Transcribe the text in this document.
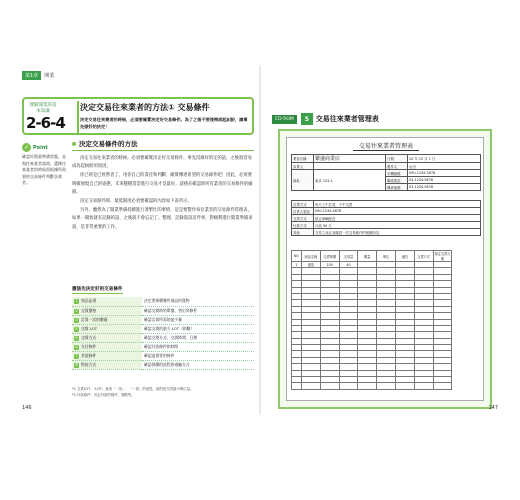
第1章	開業
理解開業的基本知識
2-6-4
決定交易往來業者的方法① 交易條件
決定交易往來業者的時候，必須要確實決定好交易條件。為了之後不要後悔或起糾紛，請事先做好的決定！
✓ Point
確認好開業準備狀態，並與往來業者談商，選擇往來業者的時候需根據所需要的交易條件判斷各業者。
決定交易條件的方法

決定交易往來業者的時候，必須要確實決定好交易條件。事先沒做好的定的話，之後很容易成為起糾紛的原因。

你已經是已經營者了，用你自己的責任和判斷，確實傳達希望的交易條件吧！因此，必須要明確展現自己的姿態，未來穩穩當當進行交易才是最好。請務必確認與所有業者的交易條件的細節。

決定交易條件時，最低限度必須要確認的內容如下表所示。

另外，雖然為了開業準備持續進行著繁忙的事情，這是要製作每位業者的交易條件管理表，如果一開始就有記錄的話，之後就不會忘記了。整理、記錄資訊這件事，對順利進行開業準備來說，是非常重要的工作。

應該先決定好的交易條件
1 商品品項	決定要採購哪些商品的貨物
2 交貨價格	確認交貨時的單價、售出等條件
3 訂貨一次的數量	確認訂貨所需的最少量
4 交貨 LOT	確認交貨的最少 LOT（箱數）
5 交貨方式	確認交貨方式、交貨時間、日期
6 支付條件	確認付款條件和時間
7 其他條件	確認退貨等的條件
8 物流方式	確認採購的流程和運輸方式
*1 交貨LOT：「LOT」意指「一批」、「一群」的意思，指的是交貨最小單位量。
*2 付款條件：決定付款的條件、期限等。
146
CD-ROM	5 交易往來業者管理表
交易往來業者管理表
業者名稱	繁盛商業店	日期	20 年 12 月 1 日
負責人		製作人	山田
地址	東京 123-1	手機號碼	090-1234-5678
		聯絡電話	03-1234-5678
		傳真號碼	03-1234-5678
訂貨方式	每天上午訂貨，下午交貨
訂貨人電話	090-1234-5678
交貨方式	指定車輛配送
付款方式	月結 30 天
其他	交易之前必須確認一次交易條件的相關內容
NO	商品名稱	交貨單價	交易量	數量	單位	備註	交貨方式	規定交貨日期
1	番茄	100	40					

147
